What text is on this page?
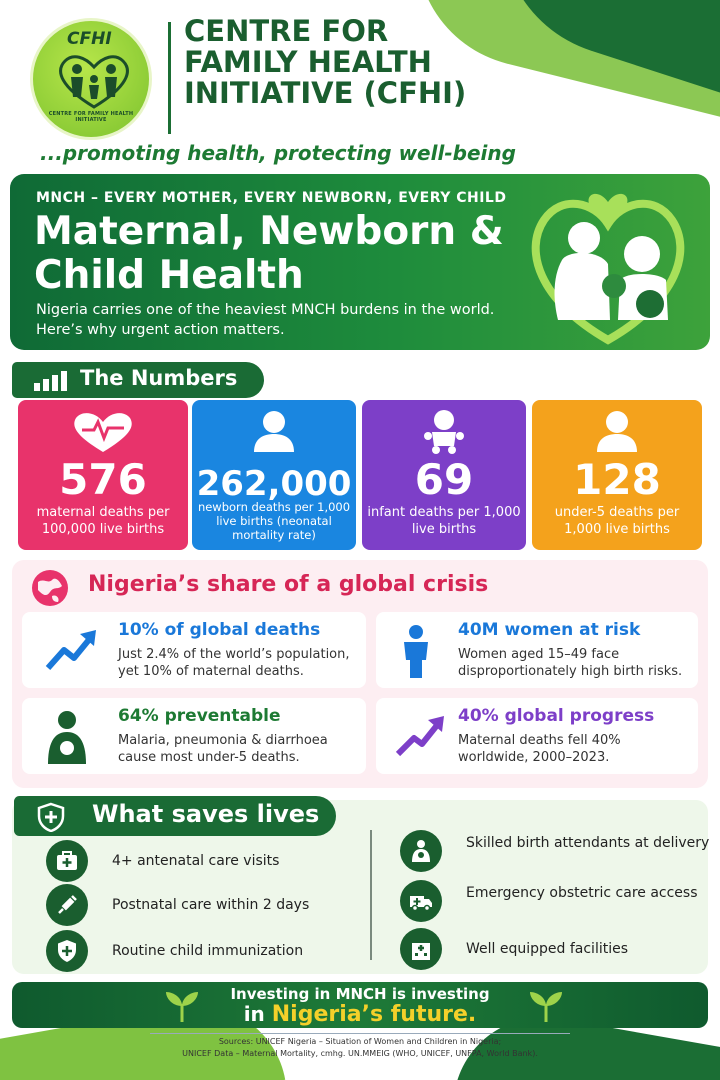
CFHI
CENTRE FOR FAMILY HEALTH INITIATIVE
CENTRE FOR FAMILY HEALTH INITIATIVE (CFHI)
...promoting health, protecting well-being
MNCH – EVERY MOTHER, EVERY NEWBORN, EVERY CHILD
Maternal, Newborn &
Child Health
Nigeria carries one of the heaviest MNCH burdens in the world. Here’s why urgent action matters.
The Numbers
576
maternal deaths per 100,000 live births
262,000
newborn deaths per 1,000 live births (neonatal mortality rate)
69
infant deaths per 1,000 live births
128
under-5 deaths per 1,000 live births
Nigeria’s share of a global crisis
10% of global deaths
Just 2.4% of the world’s population, yet 10% of maternal deaths.
40M women at risk
Women aged 15–49 face disproportionately high birth risks.
64% preventable
Malaria, pneumonia & diarrhoea cause most under-5 deaths.
40% global progress
Maternal deaths fell 40% worldwide, 2000–2023.
What saves lives
4+ antenatal care visits
Postnatal care within 2 days
Routine child immunization
Skilled birth attendants at delivery
Emergency obstetric care access
Well equipped facilities
Investing in MNCH is investing
in Nigeria’s future.
Sources: UNICEF Nigeria – Situation of Women and Children in Nigeria;
UNICEF Data – Maternal Mortality, cmhg. UN.MMEIG (WHO, UNICEF, UNFPA, World Bank).
